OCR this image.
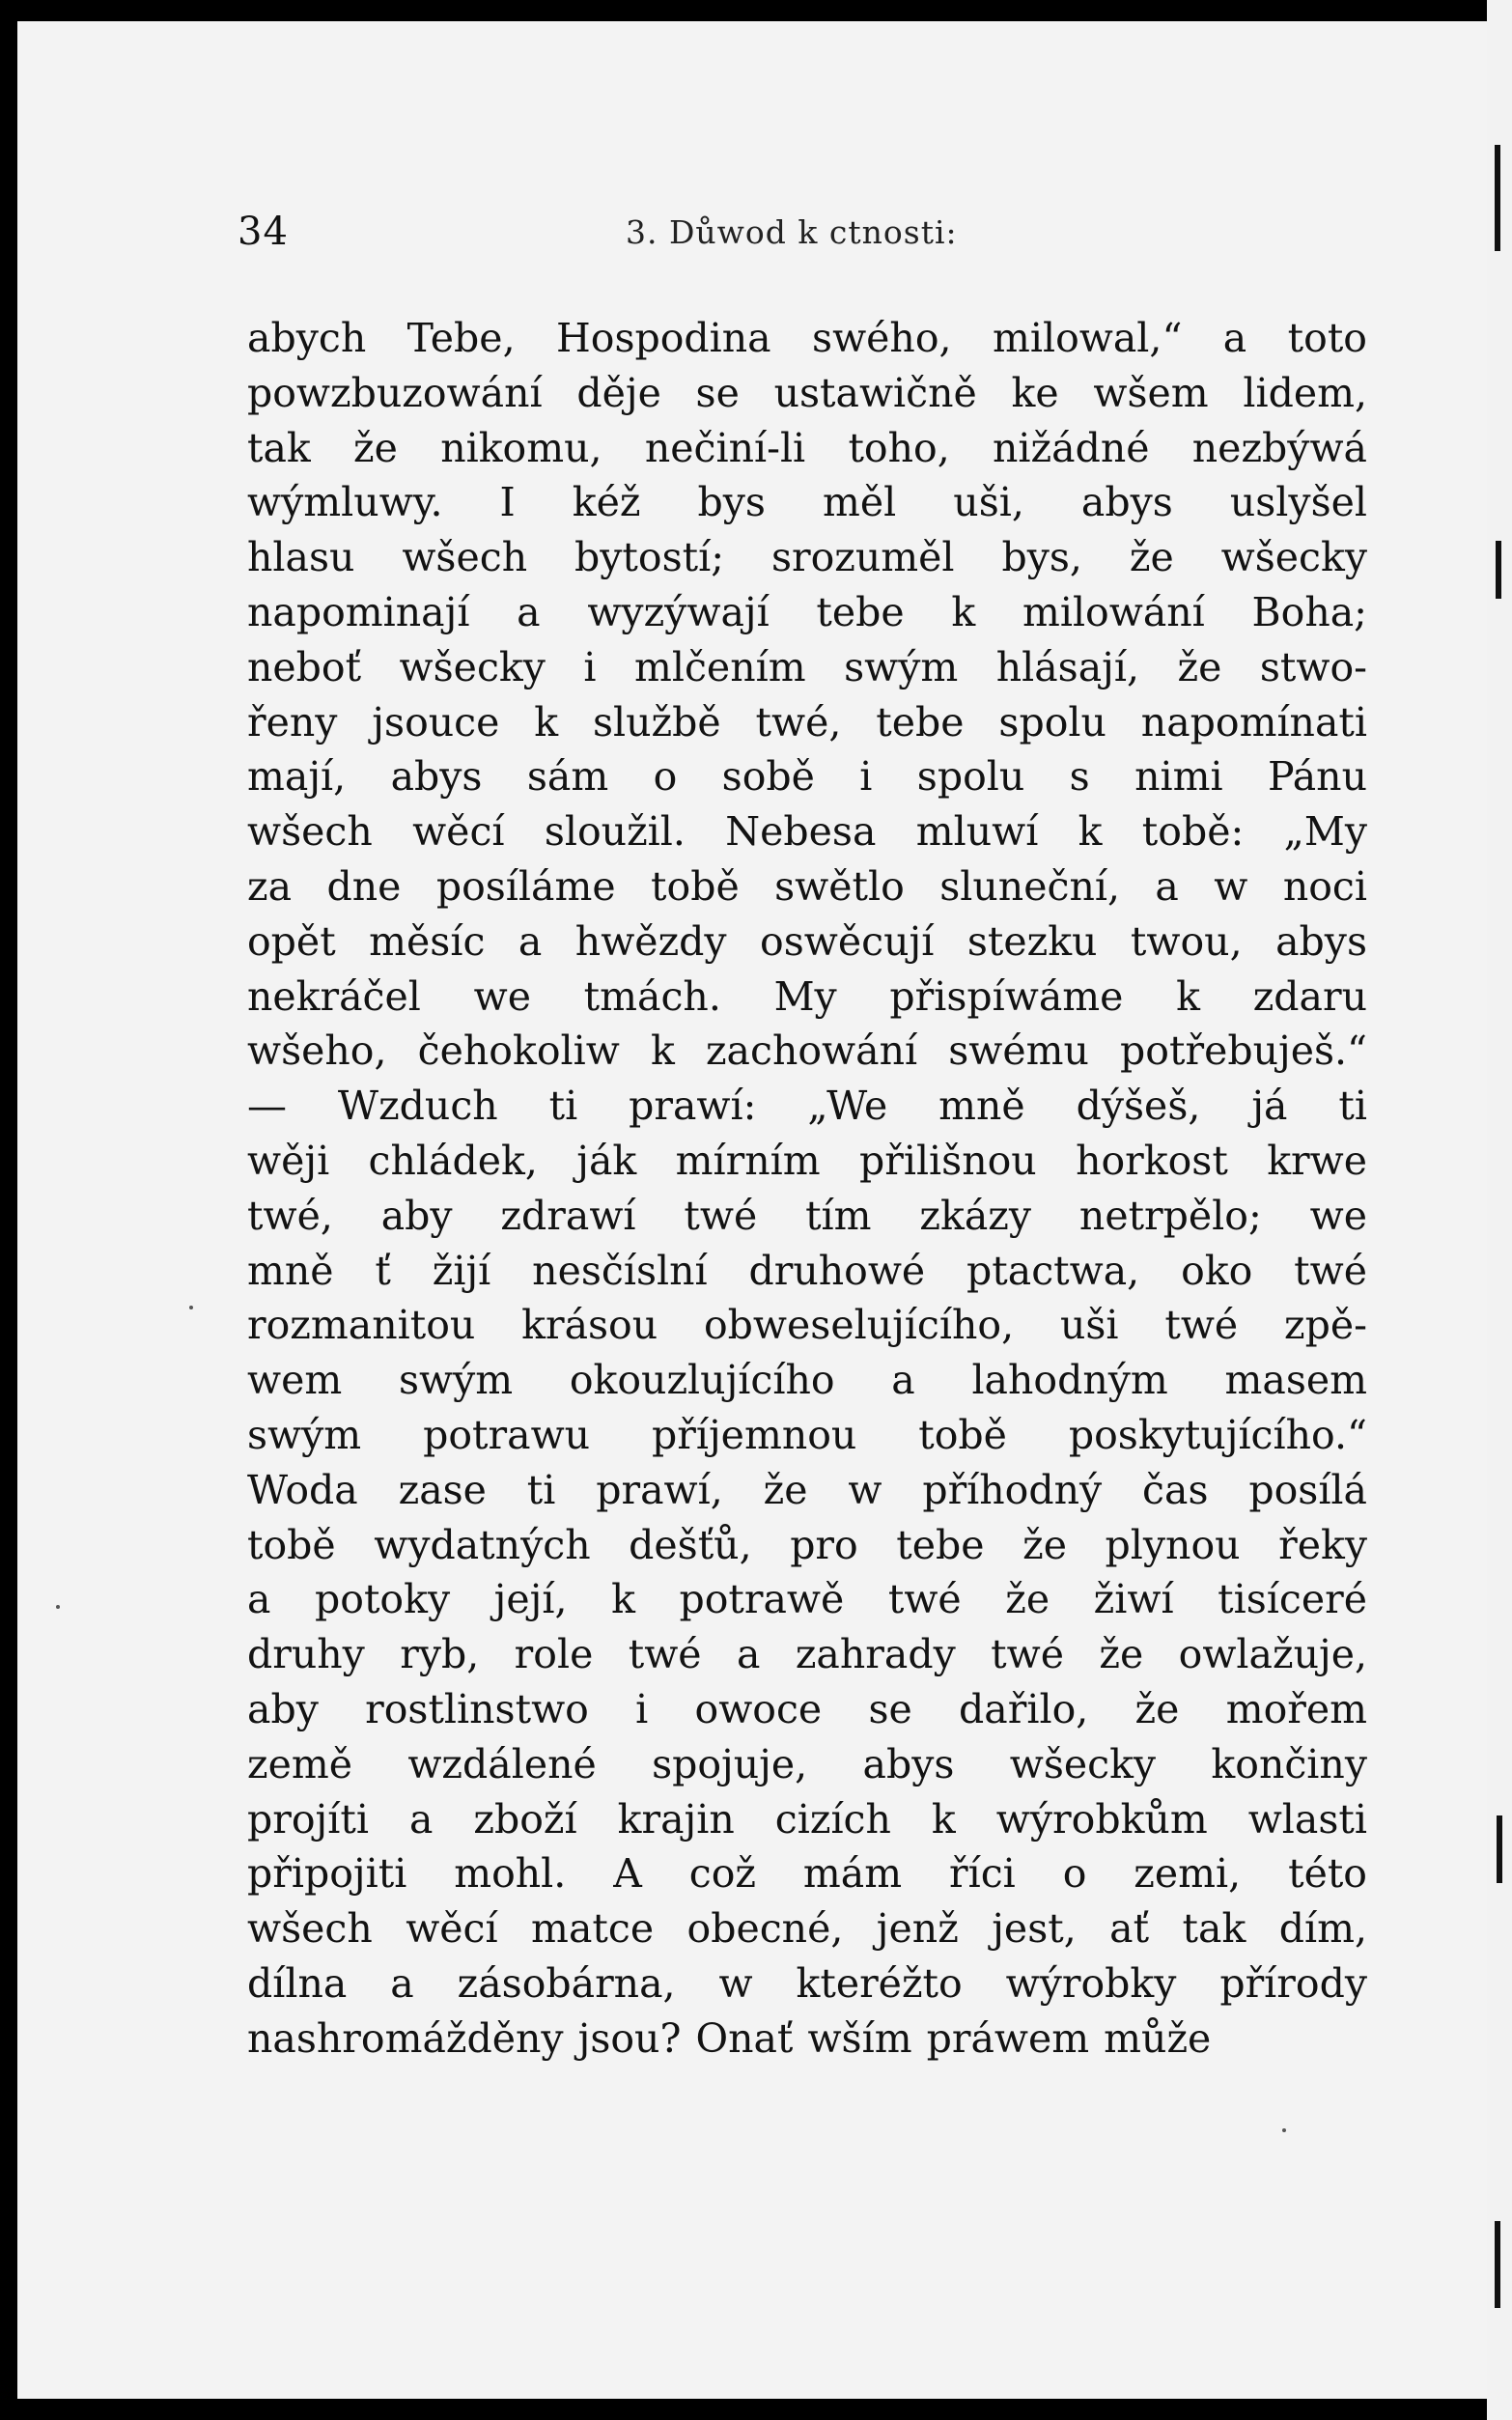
34	3. Důwod k ctnosti:
abych Tebe, Hospodina swého, milowal,“ a toto
powzbuzowání děje se ustawičně ke wšem lidem,
tak že nikomu, nečiní-li toho, nižádné nezbýwá
wýmluwy. I kéž bys měl uši, abys uslyšel
hlasu wšech bytostí; srozuměl bys, že wšecky
napominají a wyzýwají tebe k milowání Boha;
neboť wšecky i mlčením swým hlásají, že stwo-
řeny jsouce k službě twé, tebe spolu napomínati
mají, abys sám o sobě i spolu s nimi Pánu
wšech wěcí sloužil. Nebesa mluwí k tobě: „My
za dne posíláme tobě swětlo sluneční, a w noci
opět měsíc a hwězdy oswěcují stezku twou, abys
nekráčel we tmách. My přispíwáme k zdaru
wšeho, čehokoliw k zachowání swému potřebuješ.“
— Wzduch ti prawí: „We mně dýšeš, já ti
wěji chládek, ják mírním přilišnou horkost krwe
twé, aby zdrawí twé tím zkázy netrpělo; we
mně ť žijí nesčíslní druhowé ptactwa, oko twé
rozmanitou krásou obweselujícího, uši twé zpě-
wem swým okouzlujícího a lahodným masem
swým potrawu příjemnou tobě poskytujícího.“
Woda zase ti prawí, že w příhodný čas posílá
tobě wydatných dešťů, pro tebe že plynou řeky
a potoky její, k potrawě twé že žiwí tisíceré
druhy ryb, role twé a zahrady twé že owlažuje,
aby rostlinstwo i owoce se dařilo, že mořem
země wzdálené spojuje, abys wšecky končiny
projíti a zboží krajin cizích k wýrobkům wlasti
připojiti mohl. A což mám říci o zemi, této
wšech wěcí matce obecné, jenž jest, ať tak dím,
dílna a zásobárna, w kteréžto wýrobky přírody
nashromážděny jsou? Onať wším práwem může
